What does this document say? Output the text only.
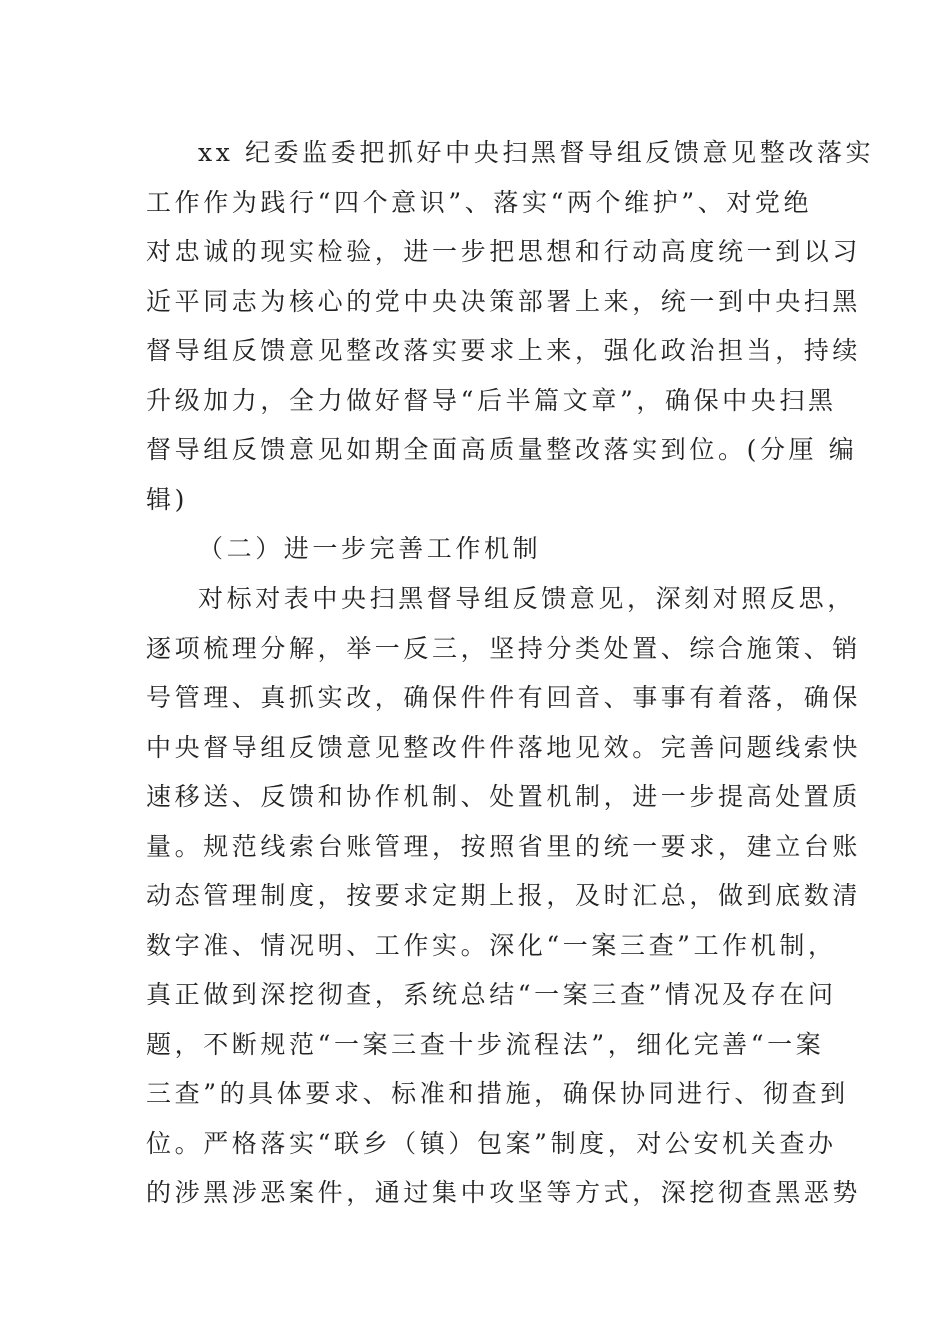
xx 纪委监委把抓好中央扫黑督导组反馈意见整改落实
工作作为践行“四个意识”、落实“两个维护”、对党绝
对忠诚的现实检验，进一步把思想和行动高度统一到以习
近平同志为核心的党中央决策部署上来，统一到中央扫黑
督导组反馈意见整改落实要求上来，强化政治担当，持续
升级加力，全力做好督导“后半篇文章”，确保中央扫黑
督导组反馈意见如期全面高质量整改落实到位。(分厘 编
辑)
（二）进一步完善工作机制
对标对表中央扫黑督导组反馈意见，深刻对照反思，
逐项梳理分解，举一反三，坚持分类处置、综合施策、销
号管理、真抓实改，确保件件有回音、事事有着落，确保
中央督导组反馈意见整改件件落地见效。完善问题线索快
速移送、反馈和协作机制、处置机制，进一步提高处置质
量。规范线索台账管理，按照省里的统一要求，建立台账
动态管理制度，按要求定期上报，及时汇总，做到底数清
数字准、情况明、工作实。深化“一案三查”工作机制，
真正做到深挖彻查，系统总结“一案三查”情况及存在问
题，不断规范“一案三查十步流程法”，细化完善“一案
三查”的具体要求、标准和措施，确保协同进行、彻查到
位。严格落实“联乡（镇）包案”制度，对公安机关查办
的涉黑涉恶案件，通过集中攻坚等方式，深挖彻查黑恶势
